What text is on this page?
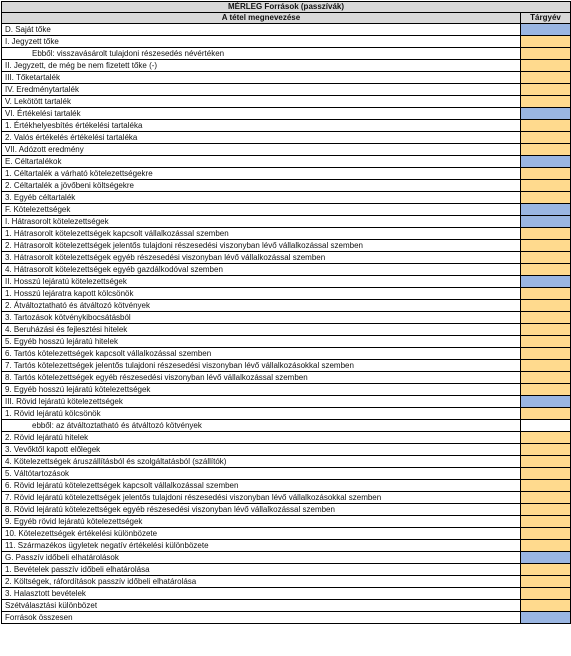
MÉRLEG Források (passzívák)	
A tétel megnevezése	Tárgyév
D. Saját tőke	
I. Jegyzett tőke	
Ebből: visszavásárolt tulajdoni részesedés névértéken	
II. Jegyzett, de még be nem fizetett tőke (-)	
III. Tőketartalék	
IV. Eredménytartalék	
V. Lekötött tartalék	
VI. Értékelési tartalék	
1. Értékhelyesbítés értékelési tartaléka	
2. Valós értékelés értékelési tartaléka	
VII. Adózott eredmény	
E. Céltartalékok	
1. Céltartalék a várható kötelezettségekre	
2. Céltartalék a jövőbeni költségekre	
3. Egyéb céltartalék	
F. Kötelezettségek	
I. Hátrasorolt kötelezettségek	
1. Hátrasorolt kötelezettségek kapcsolt vállalkozással szemben	
2. Hátrasorolt kötelezettségek jelentős tulajdoni részesedési viszonyban lévő vállalkozással szemben	
3. Hátrasorolt kötelezettségek egyéb részesedési viszonyban lévő vállalkozással szemben	
4. Hátrasorolt kötelezettségek egyéb gazdálkodóval szemben	
II. Hosszú lejáratú kötelezettségek	
1. Hosszú lejáratra kapott kölcsönök	
2. Átváltoztatható és átváltozó kötvények	
3. Tartozások kötvénykibocsátásból	
4. Beruházási és fejlesztési hitelek	
5. Egyéb hosszú lejáratú hitelek	
6. Tartós kötelezettségek kapcsolt vállalkozással szemben	
7. Tartós kötelezettségek jelentős tulajdoni részesedési viszonyban lévő vállalkozásokkal szemben	
8. Tartós kötelezettségek egyéb részesedési viszonyban lévő vállalkozással szemben	
9. Egyéb hosszú lejáratú kötelezettségek	
III. Rövid lejáratú kötelezettségek	
1. Rövid lejáratú kölcsönök	
ebből: az átváltoztatható és átváltozó kötvények	
2. Rövid lejáratú hitelek	
3. Vevőktől kapott előlegek	
4. Kötelezettségek áruszállításból és szolgáltatásból (szállítók)	
5. Váltótartozások	
6. Rövid lejáratú kötelezettségek kapcsolt vállalkozással szemben	
7. Rövid lejáratú kötelezettségek jelentős tulajdoni részesedési viszonyban lévő vállalkozásokkal szemben	
8. Rövid lejáratú kötelezettségek egyéb részesedési viszonyban lévő vállalkozással szemben	
9. Egyéb rövid lejáratú kötelezettségek	
10. Kötelezettségek értékelési különbözete	
11. Származékos ügyletek negatív értékelési különbözete	
G. Passzív időbeli elhatárolások	
1. Bevételek passzív időbeli elhatárolása	
2. Költségek, ráfordítások passzív időbeli elhatárolása	
3. Halasztott bevételek	
Szétválasztási különbözet	
Források összesen	
